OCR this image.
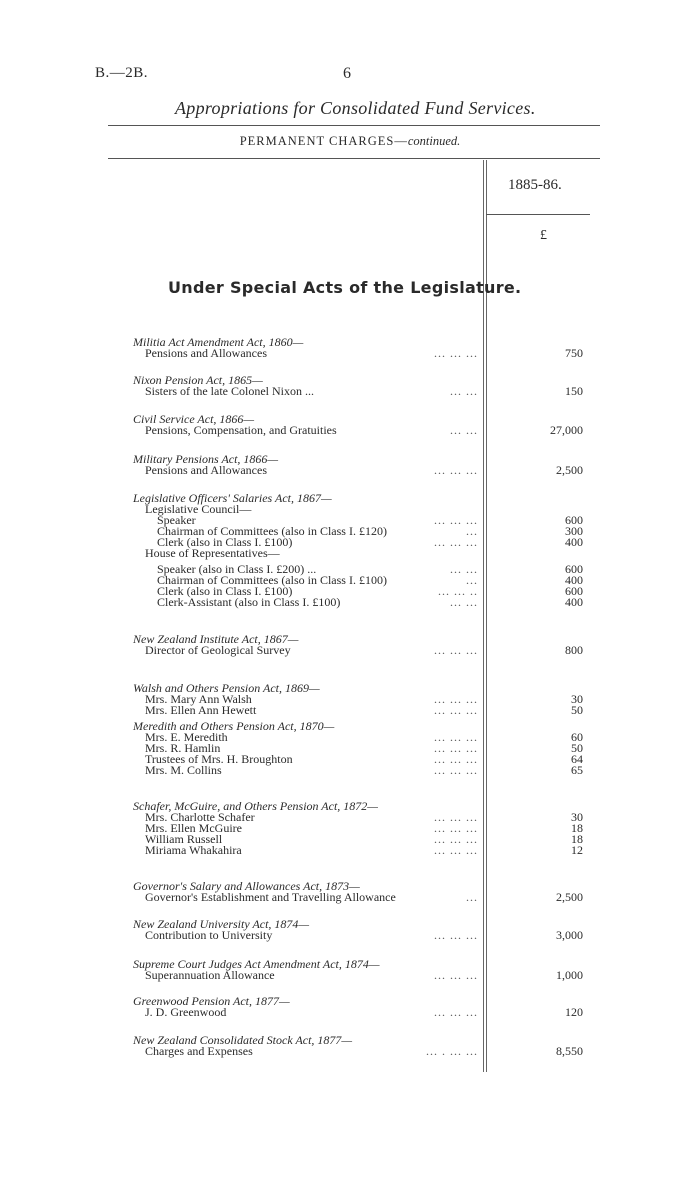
B.—2B.	6
Appropriations for Consolidated Fund Services.
PERMANENT CHARGES—continued.
1885-86.
£
Under Special Acts of the Legislature.
Militia Act Amendment Act, 1860—
Pensions and Allowances	... ... ...	750
Nixon Pension Act, 1865—
Sisters of the late Colonel Nixon ...	... ...	150
Civil Service Act, 1866—
Pensions, Compensation, and Gratuities	... ...	27,000
Military Pensions Act, 1866—
Pensions and Allowances	... ... ...	2,500
Legislative Officers' Salaries Act, 1867—
Legislative Council—
Speaker	... ... ...	600
Chairman of Committees (also in Class I. £120)	...	300
Clerk (also in Class I. £100)	... ... ...	400
House of Representatives—
Speaker (also in Class I. £200) ...	... ...	600
Chairman of Committees (also in Class I. £100)	...	400
Clerk (also in Class I. £100)	... ... ..	600
Clerk-Assistant (also in Class I. £100)	... ...	400
New Zealand Institute Act, 1867—
Director of Geological Survey	... ... ...	800
Walsh and Others Pension Act, 1869—
Mrs. Mary Ann Walsh	... ... ...	30
Mrs. Ellen Ann Hewett	... ... ...	50
Meredith and Others Pension Act, 1870—
Mrs. E. Meredith	... ... ...	60
Mrs. R. Hamlin	... ... ...	50
Trustees of Mrs. H. Broughton	... ... ...	64
Mrs. M. Collins	... ... ...	65
Schafer, McGuire, and Others Pension Act, 1872—
Mrs. Charlotte Schafer	... ... ...	30
Mrs. Ellen McGuire	... ... ...	18
William Russell	... ... ...	18
Miriama Whakahira	... ... ...	12
Governor's Salary and Allowances Act, 1873—
Governor's Establishment and Travelling Allowance	...	2,500
New Zealand University Act, 1874—
Contribution to University	... ... ...	3,000
Supreme Court Judges Act Amendment Act, 1874—
Superannuation Allowance	... ... ...	1,000
Greenwood Pension Act, 1877—
J. D. Greenwood	... ... ...	120
New Zealand Consolidated Stock Act, 1877—
Charges and Expenses	... . ... ...	8,550
